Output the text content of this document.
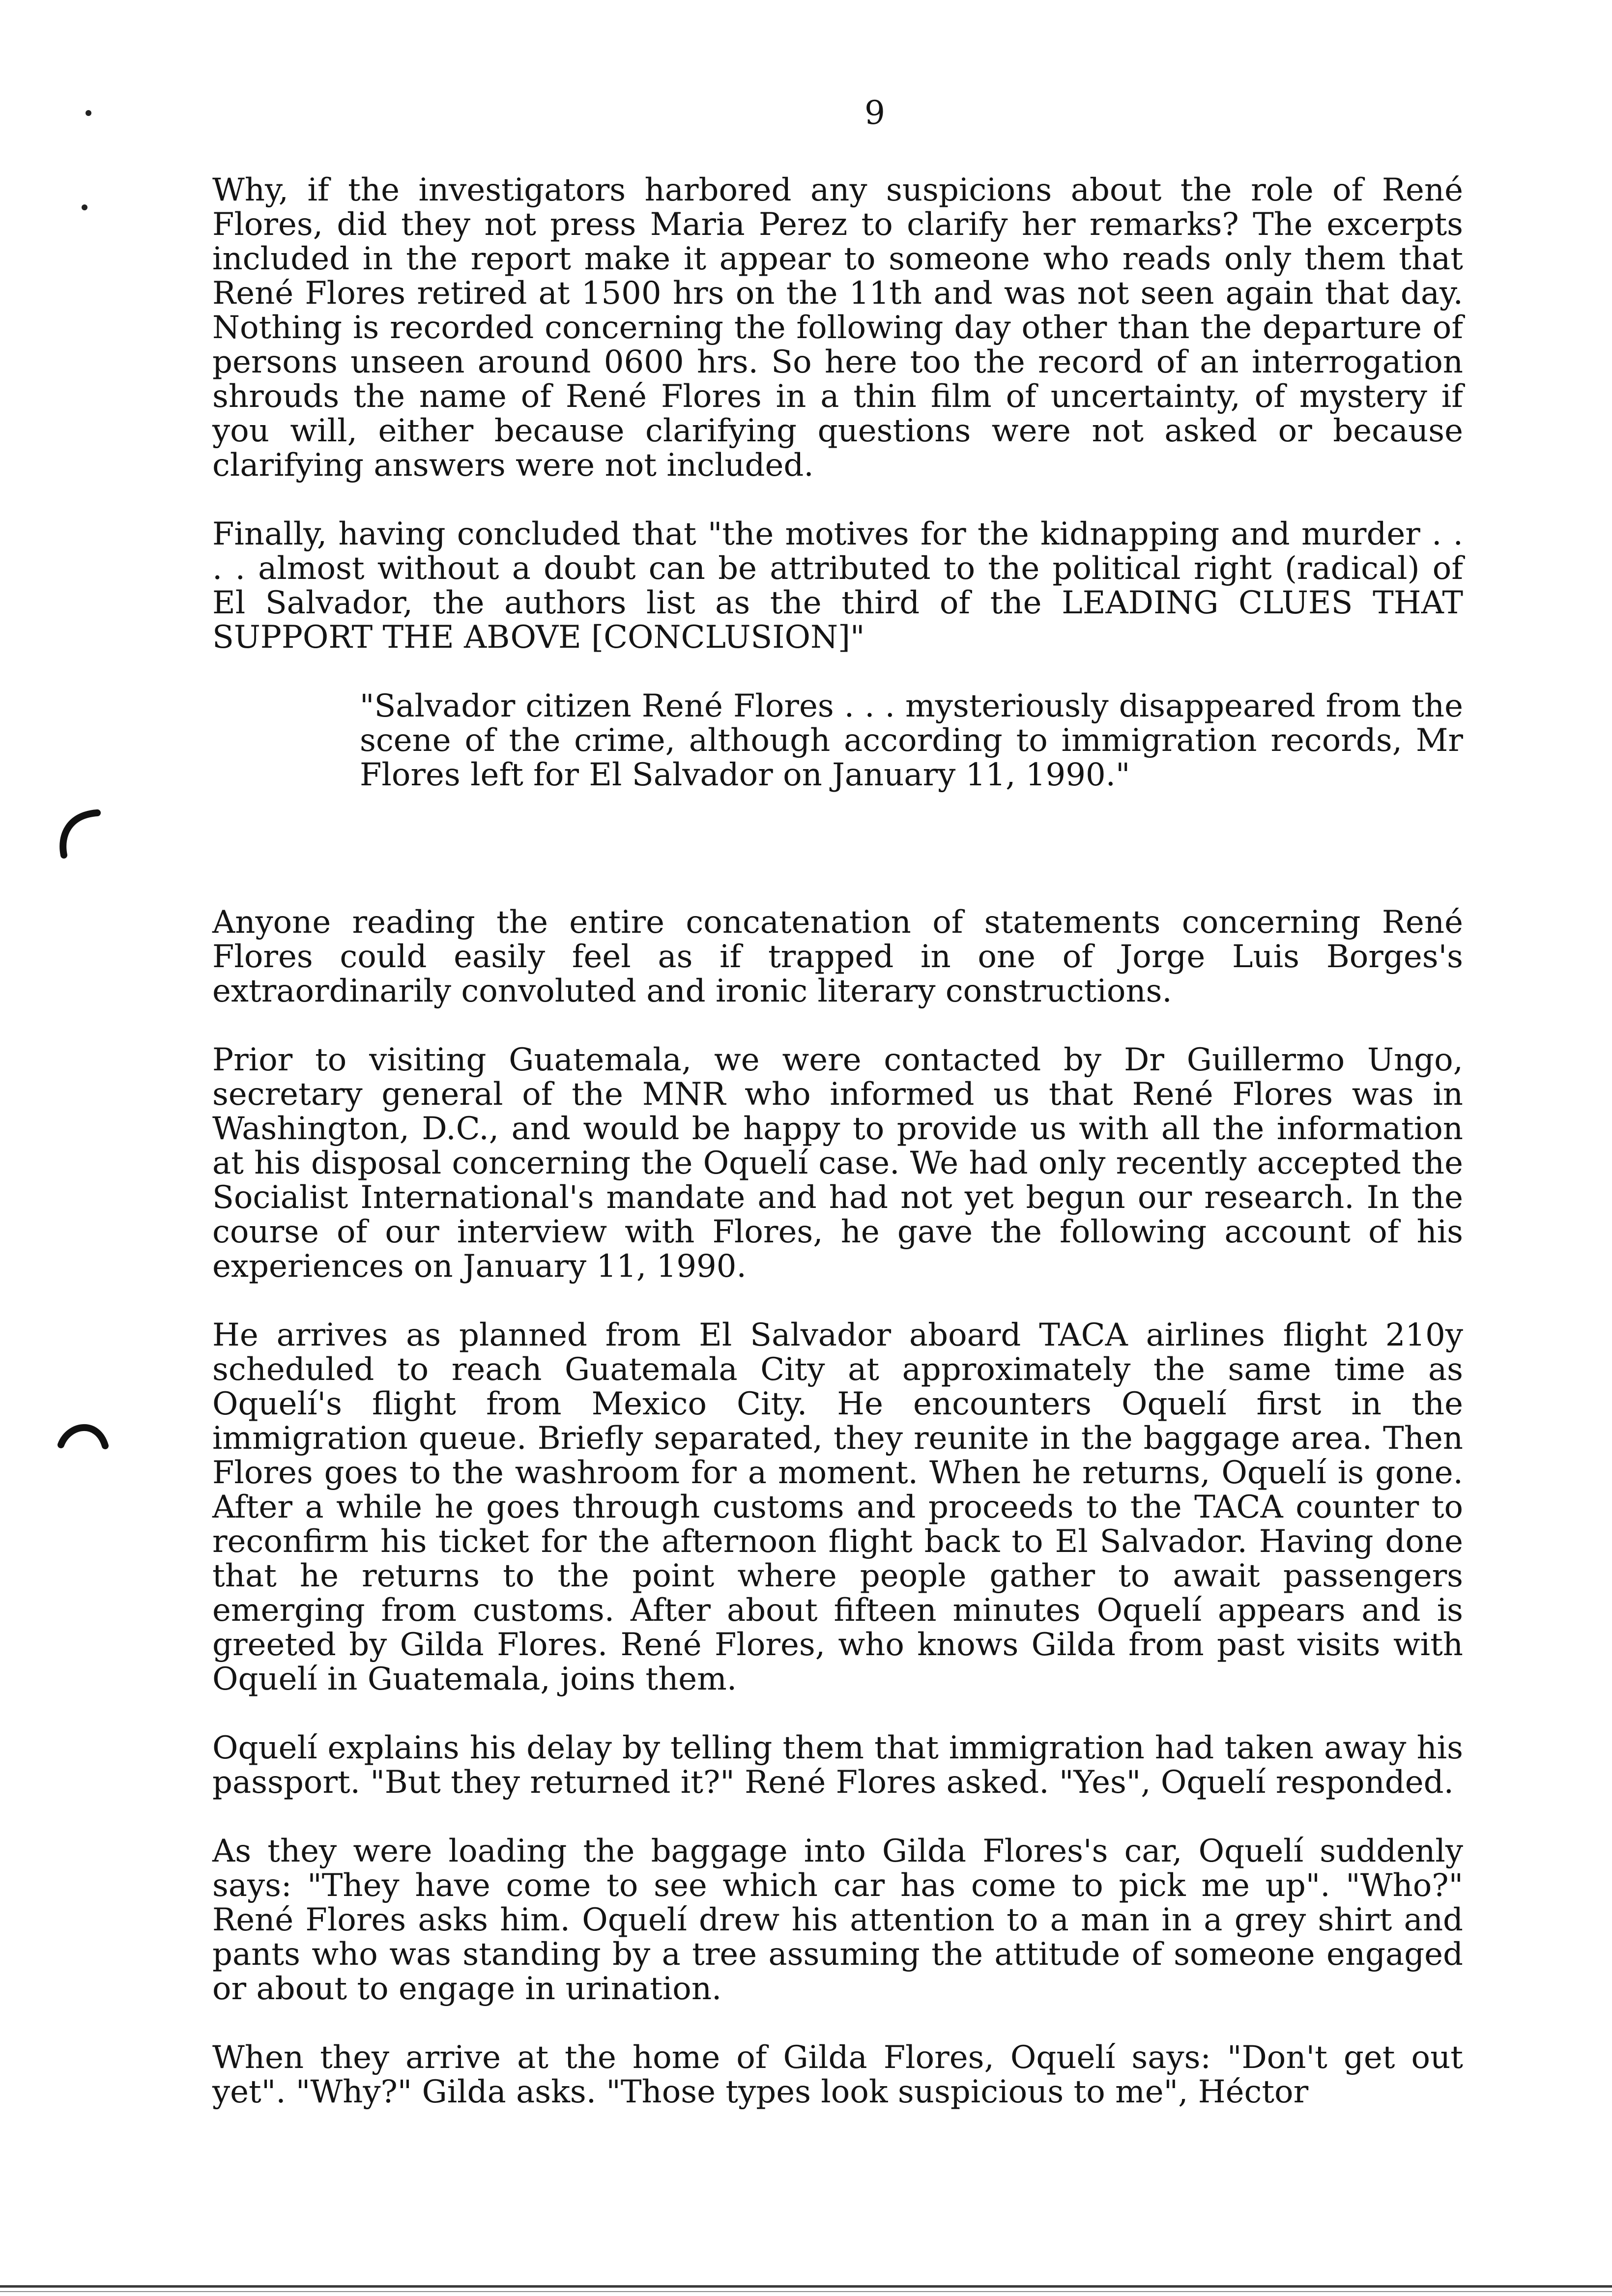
9

Why, if the investigators harbored any suspicions about the role of René Flores, did they not press Maria Perez to clarify her remarks? The excerpts included in the report make it appear to someone who reads only them that René Flores retired at 1500 hrs on the 11th and was not seen again that day. Nothing is recorded concerning the following day other than the departure of persons unseen around 0600 hrs. So here too the record of an interrogation shrouds the name of René Flores in a thin film of uncertainty, of mystery if you will, either because clarifying questions were not asked or because clarifying answers were not included.

Finally, having concluded that "the motives for the kidnapping and murder . . . . almost without a doubt can be attributed to the political right (radical) of El Salvador, the authors list as the third of the LEADING CLUES THAT SUPPORT THE ABOVE [CONCLUSION]"

"Salvador citizen René Flores . . . mysteriously disappeared from the scene of the crime, although according to immigration records, Mr Flores left for El Salvador on January 11, 1990."

Anyone reading the entire concatenation of statements concerning René Flores could easily feel as if trapped in one of Jorge Luis Borges's extraordinarily convoluted and ironic literary constructions.

Prior to visiting Guatemala, we were contacted by Dr Guillermo Ungo, secretary general of the MNR who informed us that René Flores was in Washington, D.C., and would be happy to provide us with all the information at his disposal concerning the Oquelí case. We had only recently accepted the Socialist International's mandate and had not yet begun our research. In the course of our interview with Flores, he gave the following account of his experiences on January 11, 1990.

He arrives as planned from El Salvador aboard TACA airlines flight 210y scheduled to reach Guatemala City at approximately the same time as Oquelí's flight from Mexico City. He encounters Oquelí first in the immigration queue. Briefly separated, they reunite in the baggage area. Then Flores goes to the washroom for a moment. When he returns, Oquelí is gone. After a while he goes through customs and proceeds to the TACA counter to reconfirm his ticket for the afternoon flight back to El Salvador. Having done that he returns to the point where people gather to await passengers emerging from customs. After about fifteen minutes Oquelí appears and is greeted by Gilda Flores. René Flores, who knows Gilda from past visits with Oquelí in Guatemala, joins them.

Oquelí explains his delay by telling them that immigration had taken away his passport. "But they returned it?" René Flores asked. "Yes", Oquelí responded.

As they were loading the baggage into Gilda Flores's car, Oquelí suddenly says: "They have come to see which car has come to pick me up". "Who?" René Flores asks him. Oquelí drew his attention to a man in a grey shirt and pants who was standing by a tree assuming the attitude of someone engaged or about to engage in urination.

When they arrive at the home of Gilda Flores, Oquelí says: "Don't get out yet". "Why?" Gilda asks. "Those types look suspicious to me", Héctor
